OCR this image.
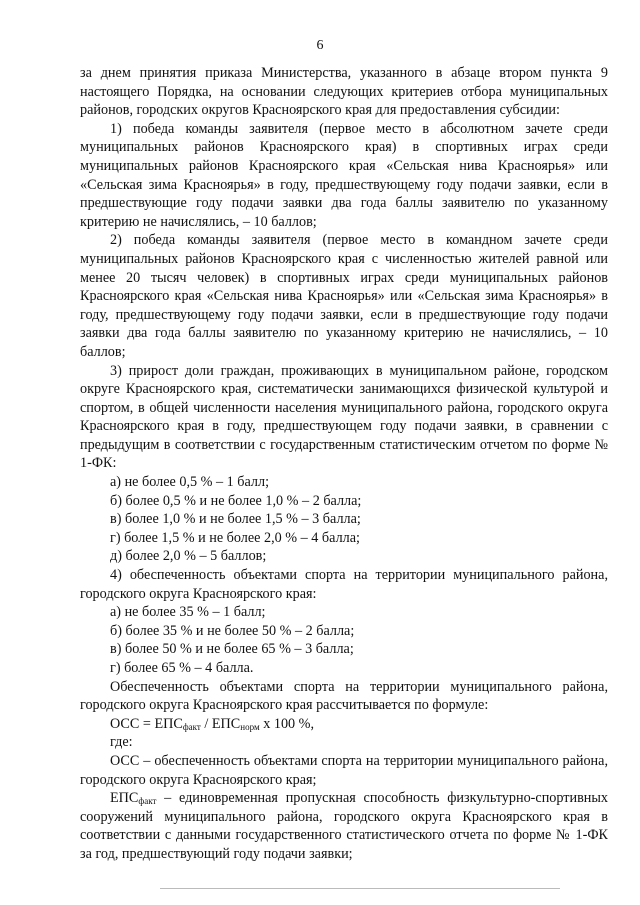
6

за днем принятия приказа Министерства, указанного в абзаце втором пункта 9 настоящего Порядка, на основании следующих критериев отбора муниципальных районов, городских округов Красноярского края для предоставления субсидии:

1) победа команды заявителя (первое место в абсолютном зачете среди муниципальных районов Красноярского края) в спортивных играх среди муниципальных районов Красноярского края «Сельская нива Красноярья» или «Сельская зима Красноярья» в году, предшествующему году подачи заявки, если в предшествующие году подачи заявки два года баллы заявителю по указанному критерию не начислялись, – 10 баллов;

2) победа команды заявителя (первое место в командном зачете среди муниципальных районов Красноярского края с численностью жителей равной или менее 20 тысяч человек) в спортивных играх среди муниципальных районов Красноярского края «Сельская нива Красноярья» или «Сельская зима Красноярья» в году, предшествующему году подачи заявки, если в предшествующие году подачи заявки два года баллы заявителю по указанному критерию не начислялись, – 10 баллов;

3) прирост доли граждан, проживающих в муниципальном районе, городском округе Красноярского края, систематически занимающихся физической культурой и спортом, в общей численности населения муниципального района, городского округа Красноярского края в году, предшествующем году подачи заявки, в сравнении с предыдущим в соответствии с государственным статистическим отчетом по форме № 1-ФК:

а) не более 0,5 % – 1 балл;

б) более 0,5 % и не более 1,0 % – 2 балла;

в) более 1,0 % и не более 1,5 % – 3 балла;

г) более 1,5 % и не более 2,0 % – 4 балла;

д) более 2,0 % – 5 баллов;

4) обеспеченность объектами спорта на территории муниципального района, городского округа Красноярского края:

а) не более 35 % – 1 балл;

б) более 35 % и не более 50 % – 2 балла;

в) более 50 % и не более 65 % – 3 балла;

г) более 65 % – 4 балла.

Обеспеченность объектами спорта на территории муниципального района, городского округа Красноярского края рассчитывается по формуле:

ОСС = $ЕПС_{факт} / ЕПС_{норм}$ х 100 %,

где:

ОСС – обеспеченность объектами спорта на территории муниципального района, городского округа Красноярского края;

$ЕПС_{факт}$ – единовременная пропускная способность физкультурно-спортивных сооружений муниципального района, городского округа Красноярского края в соответствии с данными государственного статистического отчета по форме № 1-ФК за год, предшествующий году подачи заявки;
